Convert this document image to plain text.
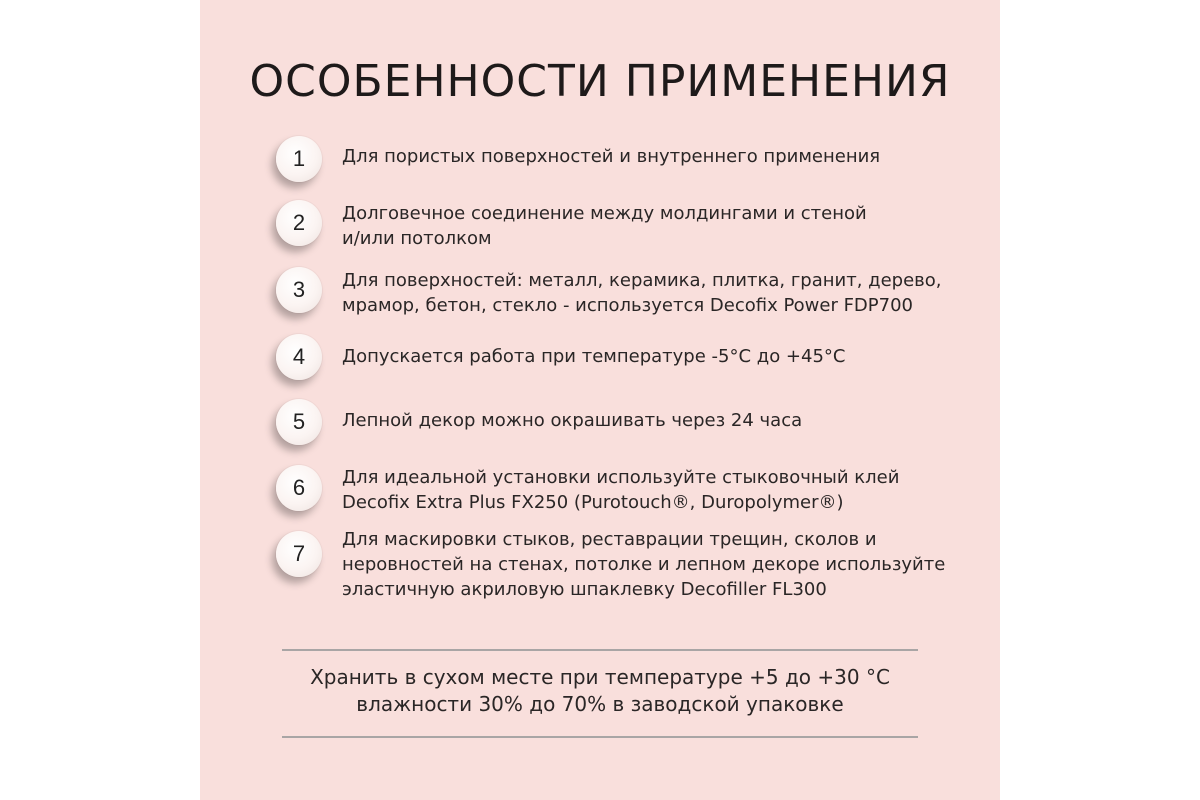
ОСОБЕННОСТИ ПРИМЕНЕНИЯ
1	Для пористых поверхностей и внутреннего применения
2	Долговечное соединение между молдингами и стеной
и/или потолком
3	Для поверхностей: металл, керамика, плитка, гранит, дерево,
мрамор, бетон, стекло - используется Decofix Power FDP700
4	Допускается работа при температуре -5°C до +45°C
5	Лепной декор можно окрашивать через 24 часа
6	Для идеальной установки используйте стыковочный клей
Decofix Extra Plus FX250 (Purotouch®, Duropolymer®)
7
Для маскировки стыков, реставрации трещин, сколов и
неровностей на стенах, потолке и лепном декоре используйте
эластичную акриловую шпаклевку Decofiller FL300
Хранить в сухом месте при температуре +5 до +30 °C
влажности 30% до 70% в заводской упаковке
